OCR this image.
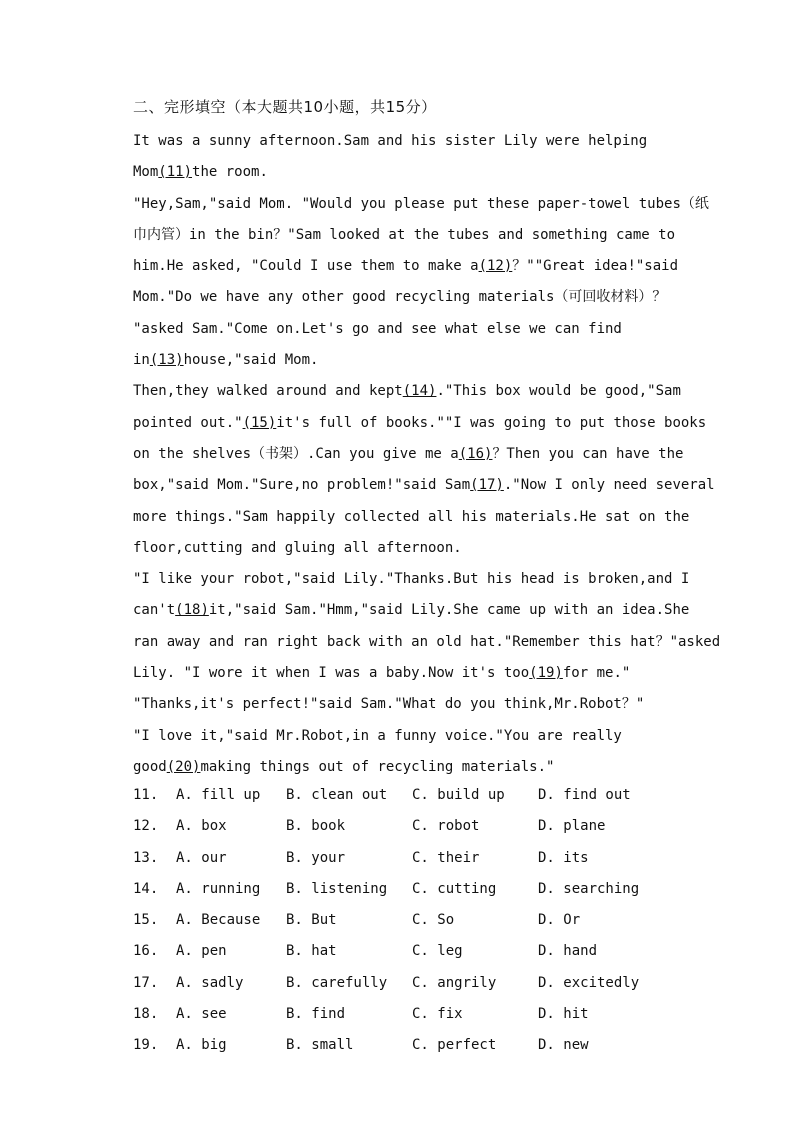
二、完形填空（本大题共10小题，共15分）
It was a sunny afternoon.Sam and his sister Lily were helping
Mom(11)the room.
"Hey,Sam,"said Mom. "Would you please put these paper-towel tubes（纸
巾内管）in the bin？"Sam looked at the tubes and something came to
him.He asked, "Could I use them to make a(12)？""Great idea!"said
Mom."Do we have any other good recycling materials（可回收材料）？
"asked Sam."Come on.Let's go and see what else we can find
in(13)house,"said Mom.
Then,they walked around and kept(14)."This box would be good,"Sam
pointed out."(15)it's full of books.""I was going to put those books
on the shelves（书架）.Can you give me a(16)？Then you can have the
box,"said Mom."Sure,no problem!"said Sam(17)."Now I only need several
more things."Sam happily collected all his materials.He sat on the
floor,cutting and gluing all afternoon.
"I like your robot,"said Lily."Thanks.But his head is broken,and I
can't(18)it,"said Sam."Hmm,"said Lily.She came up with an idea.She
ran away and ran right back with an old hat."Remember this hat？"asked
Lily. "I wore it when I was a baby.Now it's too(19)for me."
"Thanks,it's perfect!"said Sam."What do you think,Mr.Robot？"
"I love it,"said Mr.Robot,in a funny voice."You are really
good(20)making things out of recycling materials."
11. A. fill up B. clean out C. build up D. find out
12. A. box	B. book	C. robot	D. plane
13. A. our	B. your	C. their	D. its
14. A. running B. listening C. cutting	D. searching
15. A. Because B. But	C. So	D. Or
16. A. pen	B. hat	C. leg	D. hand
17. A. sadly	B. carefully C. angrily	D. excitedly
18. A. see	B. find	C. fix	D. hit
19. A. big	B. small	C. perfect	D. new
